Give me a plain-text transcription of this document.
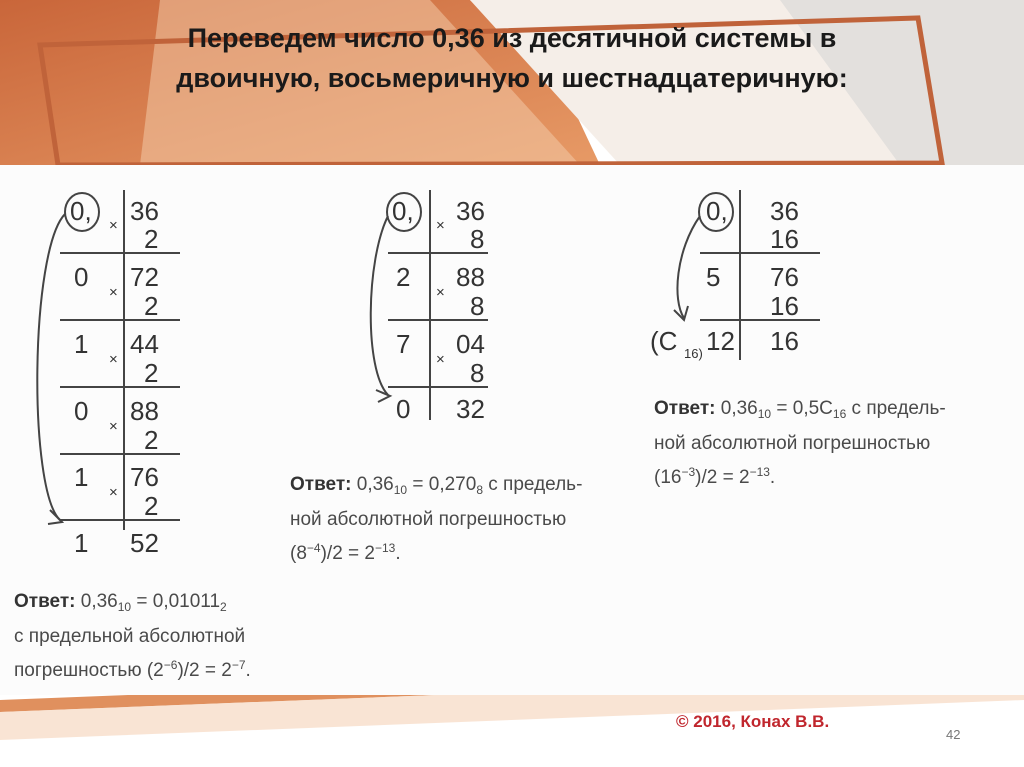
Переведем число 0,36 из десятичной системы в
двоичную, восьмеричную и шестнадцатеричную:
0, 36
2
0 72
2
1 44
2
0 88
2
1 76
2
1 52
×
×
×
×
×
Ответ: $0,36_{10} = 0,01011_2$
с предельной абсолютной
погрешностью $(2^{-6})/2 = 2^{-7}$.
0, 36
8
2 88
8
7 04
8
0 32
×
×
×
Ответ: $0,36_{10} = 0,270_8$ с предель-
ной абсолютной погрешностью
$(8^{-4})/2 = 2^{-13}$.
0, 36
16
5 76
16
12 16
(C 16)
Ответ: $0,36_{10} = 0,5C_{16}$ с предель-
ной абсолютной погрешностью
$(16^{-3})/2 = 2^{-13}$.
© 2016, Конах В.В.
42
